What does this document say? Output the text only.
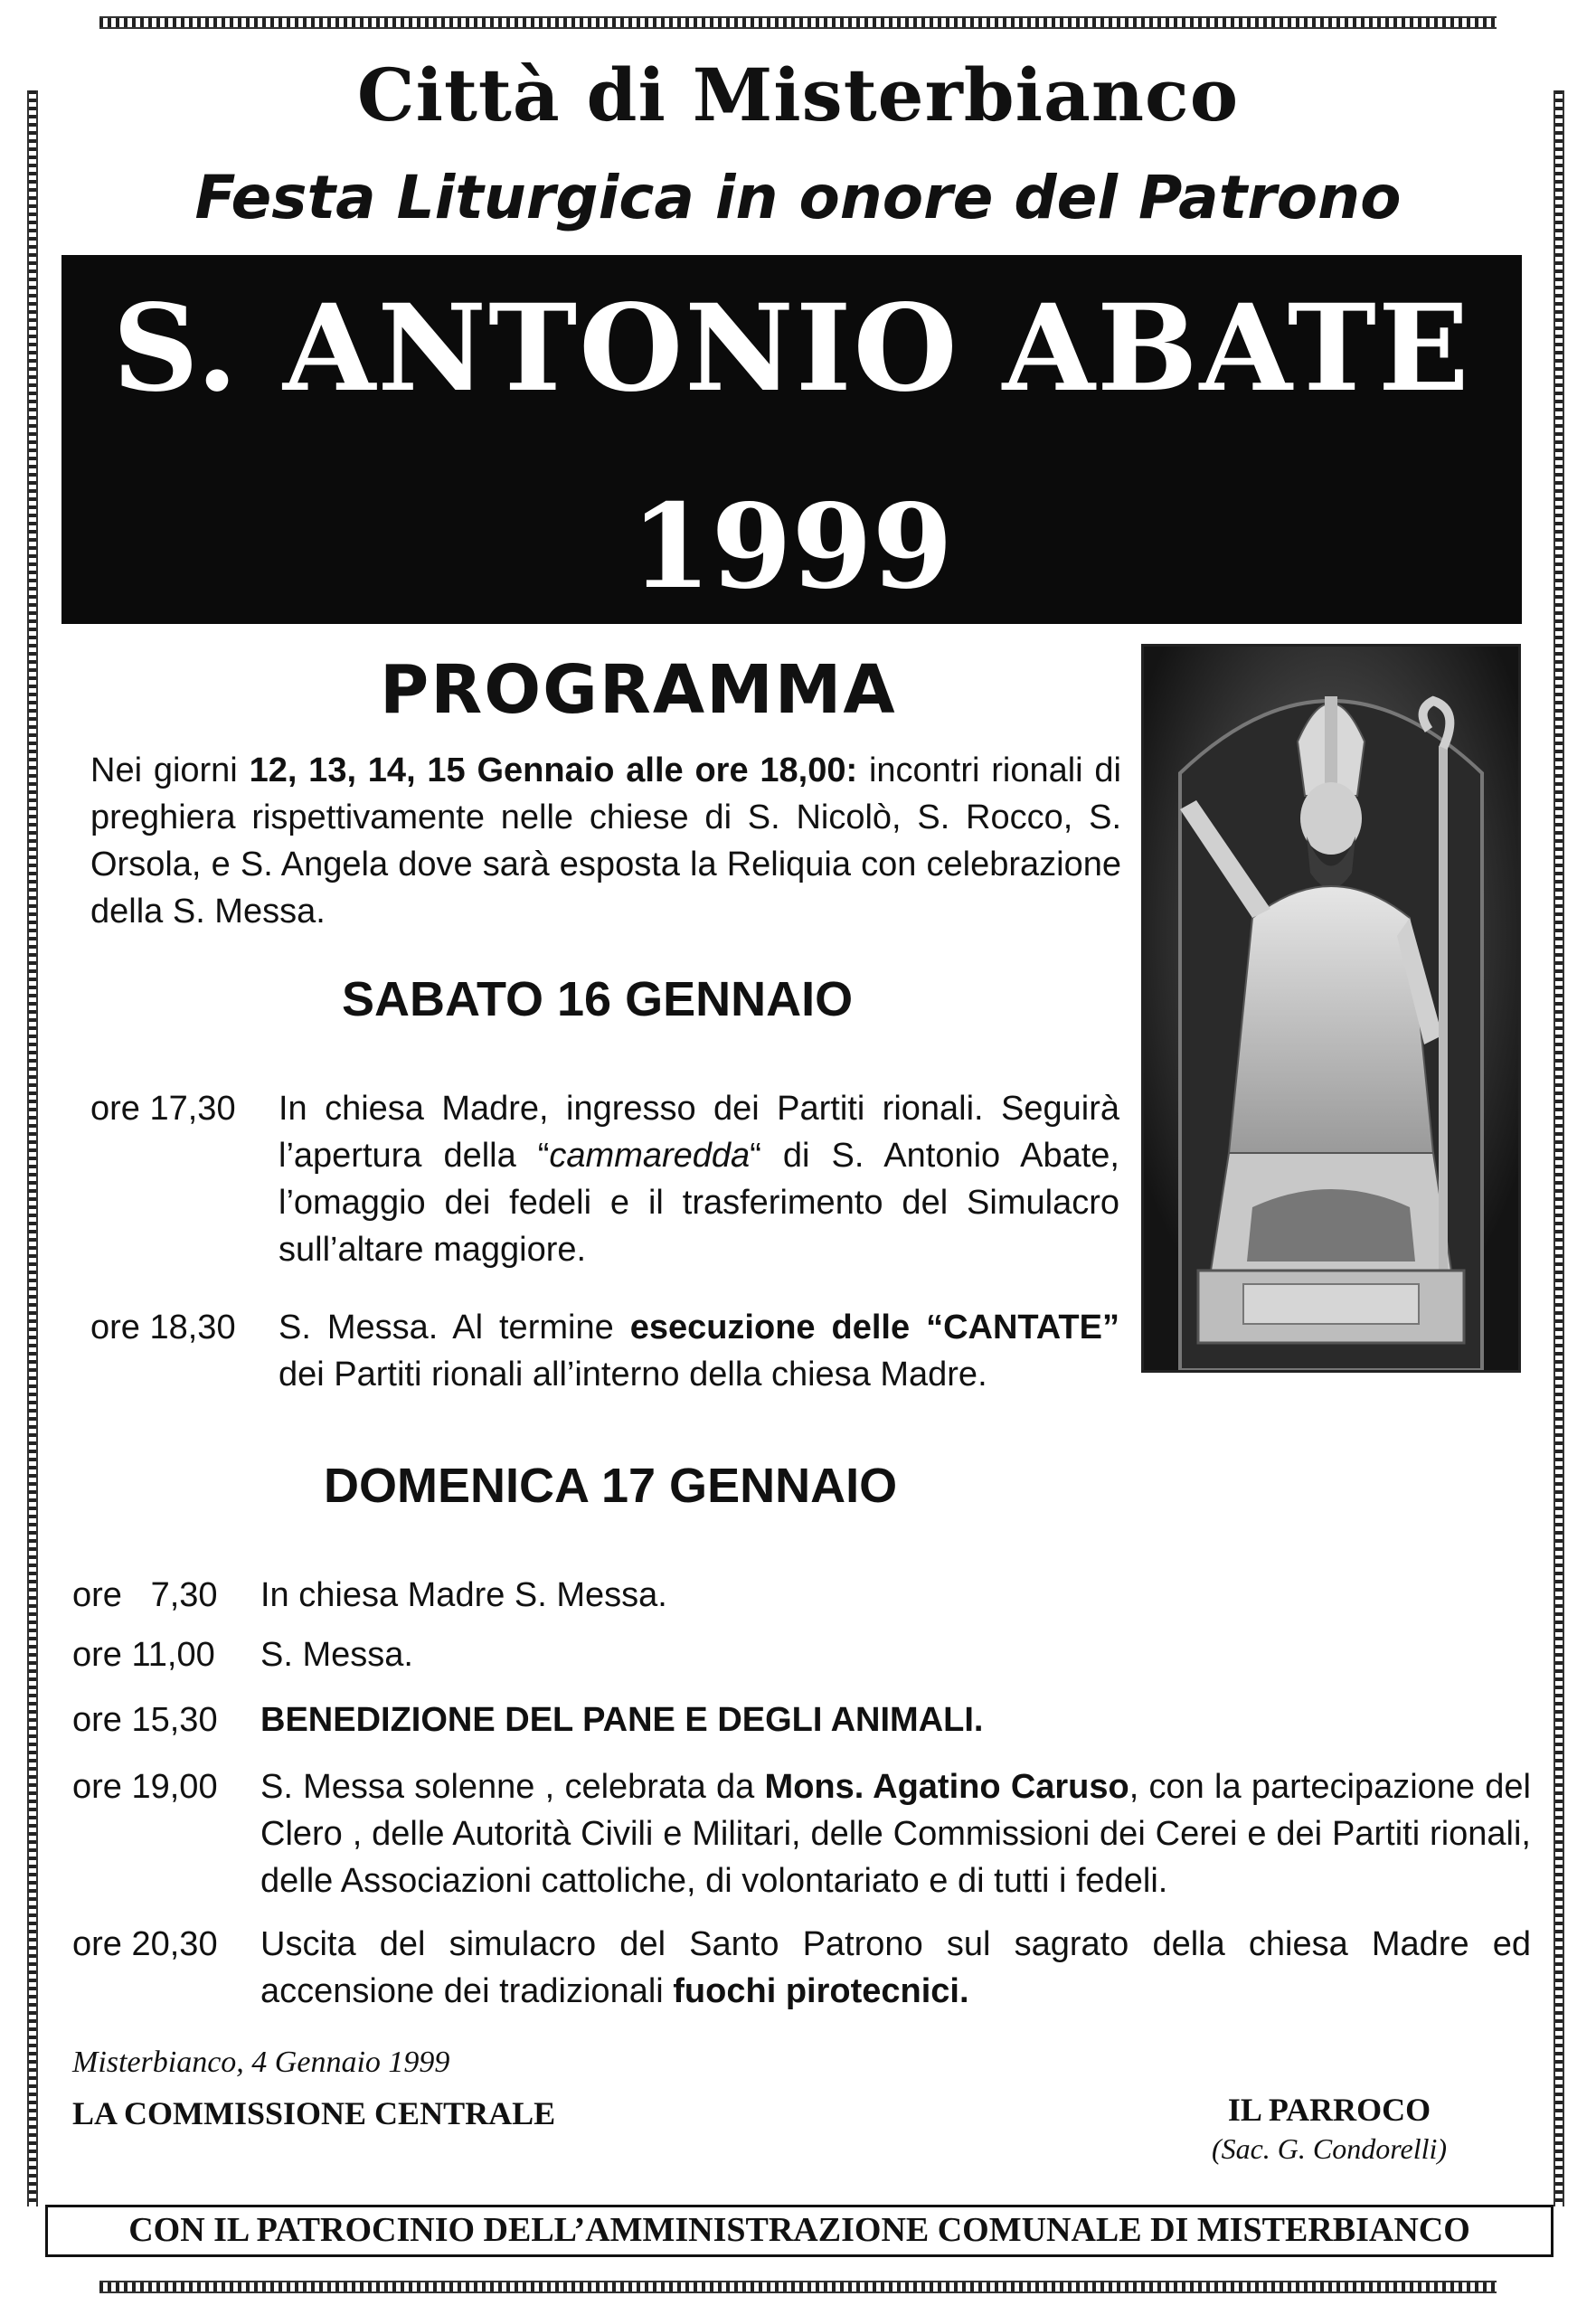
Città di Misterbianco
Festa Liturgica in onore del Patrono
S. ANTONIO ABATE
1999
PROGRAMMA
Nei giorni 12, 13, 14, 15 Gennaio alle ore 18,00: incontri rionali di preghiera rispettivamente nelle chiese di S. Nicolò, S. Rocco, S. Orsola, e S. Angela dove sarà esposta la Reliquia con celebrazione della S. Messa.
SABATO 16 GENNAIO
ore 17,30 In chiesa Madre, ingresso dei Partiti rionali. Seguirà l’apertura della “cammaredda“ di S. Antonio Abate, l’omaggio dei fedeli e il trasferimento del Simulacro sull’altare maggiore.
ore 18,30 S. Messa. Al termine esecuzione delle “CANTATE” dei Partiti rionali all’interno della chiesa Madre.
DOMENICA 17 GENNAIO
ore   7,30 In chiesa Madre S. Messa.
ore 11,00 S. Messa.
ore 15,30 BENEDIZIONE DEL PANE E DEGLI ANIMALI.
ore 19,00 S. Messa solenne , celebrata da Mons. Agatino Caruso, con la partecipazione del Clero , delle Autorità Civili e Militari, delle Commissioni dei Cerei e dei Partiti rionali, delle Associazioni cattoliche, di volontariato e di tutti i fedeli.
ore 20,30 Uscita del simulacro del Santo Patrono sul sagrato della chiesa Madre ed accensione dei tradizionali fuochi pirotecnici.
Misterbianco, 4 Gennaio 1999
LA COMMISSIONE CENTRALE	IL PARROCO
(Sac. G. Condorelli)
CON IL PATROCINIO DELL’AMMINISTRAZIONE COMUNALE DI MISTERBIANCO
